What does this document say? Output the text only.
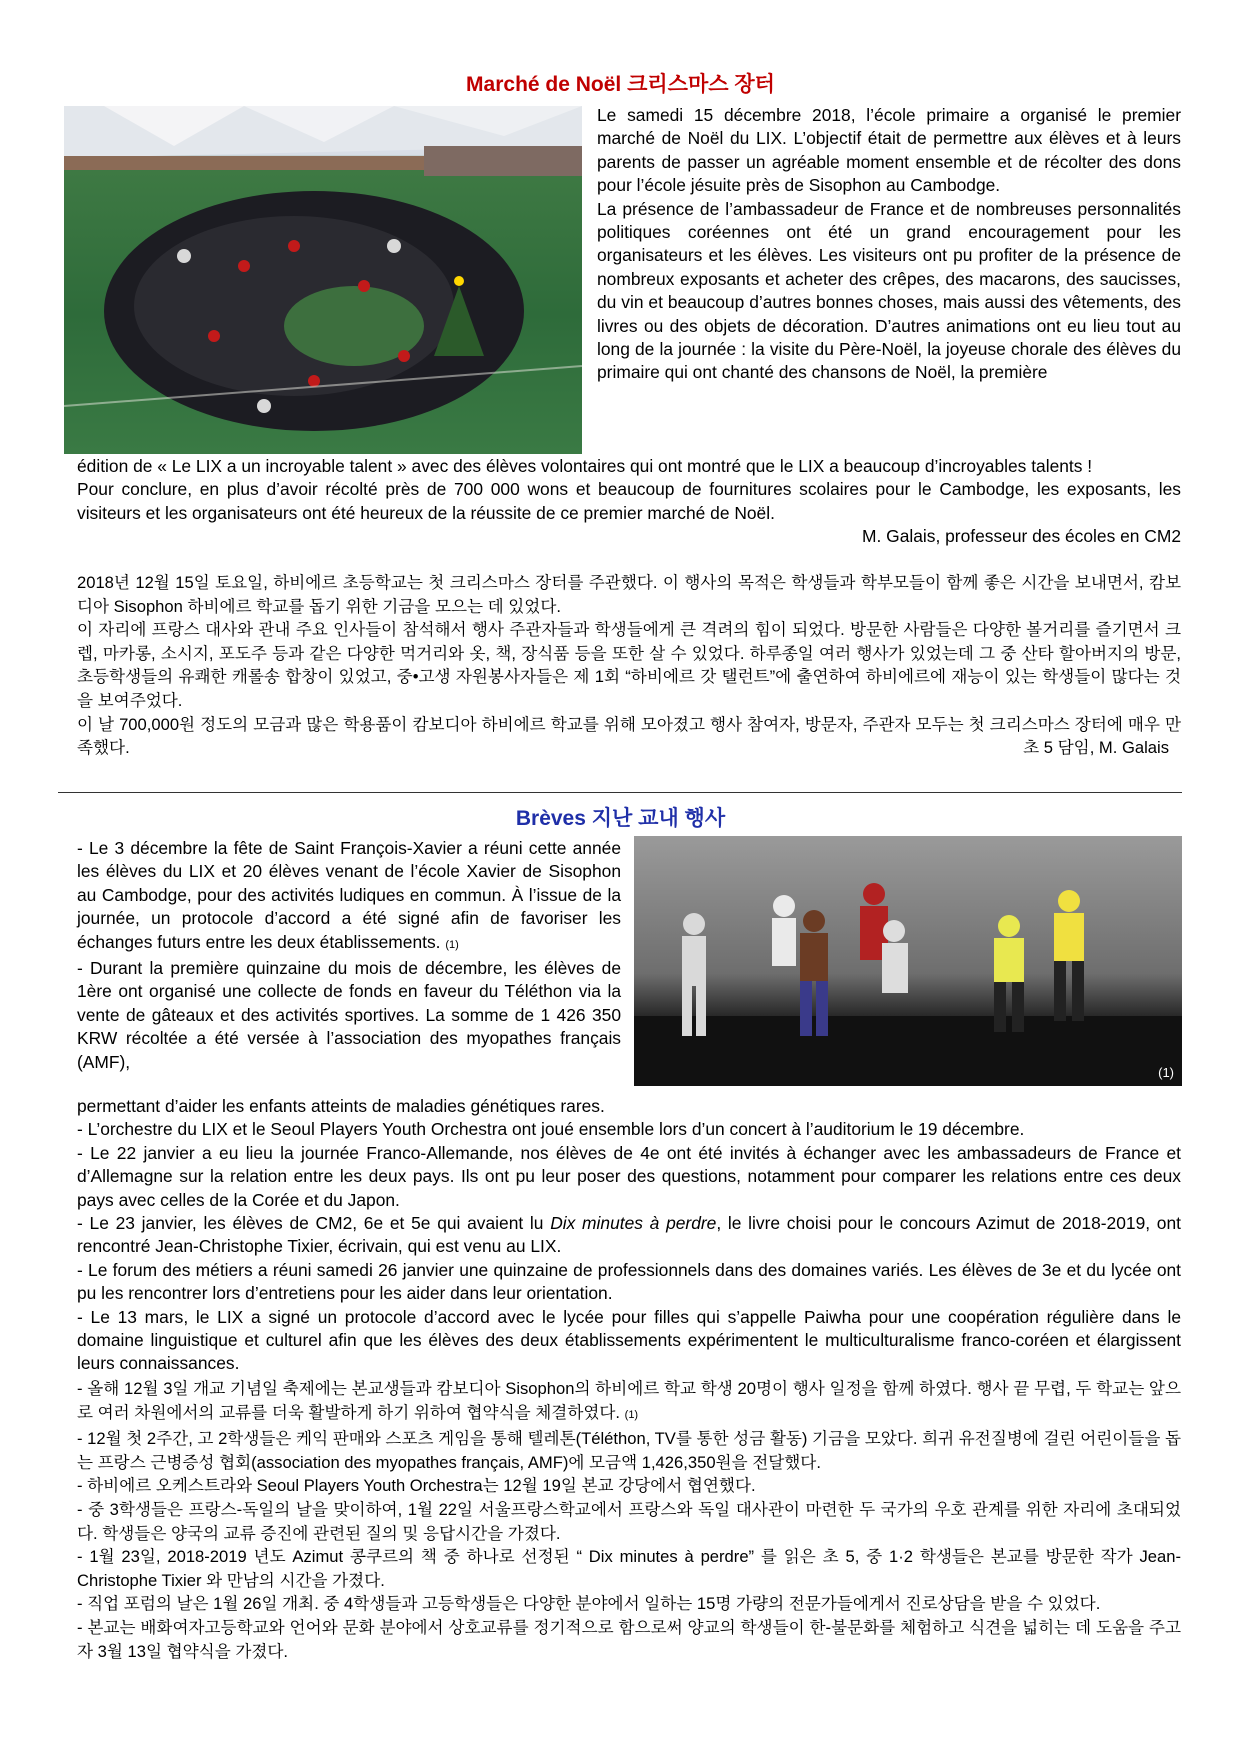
Marché de Noël 크리스마스 장터

Le samedi 15 décembre 2018, l’école primaire a organisé le premier marché de Noël du LIX. L’objectif était de permettre aux élèves et à leurs parents de passer un agréable moment ensemble et de récolter des dons pour l’école jésuite près de Sisophon au Cambodge.

La présence de l’ambassadeur de France et de nombreuses personnalités politiques coréennes ont été un grand encouragement pour les organisateurs et les élèves. Les visiteurs ont pu profiter de la présence de nombreux exposants et acheter des crêpes, des macarons, des saucisses, du vin et beaucoup d’autres bonnes choses, mais aussi des vêtements, des livres ou des objets de décoration. D’autres animations ont eu lieu tout au long de la journée : la visite du Père-Noël, la joyeuse chorale des élèves du primaire qui ont chanté des chansons de Noël, la première

édition de « Le LIX a un incroyable talent » avec des élèves volontaires qui ont montré que le LIX a beaucoup d’incroyables talents !

Pour conclure, en plus d’avoir récolté près de 700 000 wons et beaucoup de fournitures scolaires pour le Cambodge, les exposants, les visiteurs et les organisateurs ont été heureux de la réussite de ce premier marché de Noël.

M. Galais, professeur des écoles en CM2

2018년 12월 15일 토요일, 하비에르 초등학교는 첫 크리스마스 장터를 주관했다. 이 행사의 목적은 학생들과 학부모들이 함께 좋은 시간을 보내면서, 캄보디아 Sisophon 하비에르 학교를 돕기 위한 기금을 모으는 데 있었다.

이 자리에 프랑스 대사와 관내 주요 인사들이 참석해서 행사 주관자들과 학생들에게 큰 격려의 힘이 되었다. 방문한 사람들은 다양한 볼거리를 즐기면서 크렙, 마카롱, 소시지, 포도주 등과 같은 다양한 먹거리와 옷, 책, 장식품 등을 또한 살 수 있었다. 하루종일 여러 행사가 있었는데 그 중 산타 할아버지의 방문, 초등학생들의 유쾌한 캐롤송 합창이 있었고, 중•고생 자원봉사자들은 제 1회 “하비에르 갓 탤런트”에 출연하여 하비에르에 재능이 있는 학생들이 많다는 것을 보여주었다.

이 날 700,000원 정도의 모금과 많은 학용품이 캄보디아 하비에르 학교를 위해 모아졌고 행사 참여자, 방문자, 주관자 모두는 첫 크리스마스 장터에 매우 만족했다.	초 5 담임, M. Galais

Brèves 지난 교내 행사
(1)

- Le 3 décembre la fête de Saint François-Xavier a réuni cette année les élèves du LIX et 20 élèves venant de l’école Xavier de Sisophon au Cambodge, pour des activités ludiques en commun. À l’issue de la journée, un protocole d’accord a été signé afin de favoriser les échanges futurs entre les deux établissements. (1)

- Durant la première quinzaine du mois de décembre, les élèves de 1ère ont organisé une collecte de fonds en faveur du Téléthon via la vente de gâteaux et des activités sportives. La somme de 1 426 350 KRW récoltée a été versée à l’association des myopathes français (AMF),

permettant d’aider les enfants atteints de maladies génétiques rares.

- L’orchestre du LIX et le Seoul Players Youth Orchestra ont joué ensemble lors d’un concert à l’auditorium le 19 décembre.

- Le 22 janvier a eu lieu la journée Franco-Allemande, nos élèves de 4e ont été invités à échanger avec les ambassadeurs de France et d’Allemagne sur la relation entre les deux pays. Ils ont pu leur poser des questions, notamment pour comparer les relations entre ces deux pays avec celles de la Corée et du Japon.

- Le 23 janvier, les élèves de CM2, 6e et 5e qui avaient lu Dix minutes à perdre, le livre choisi pour le concours Azimut de 2018-2019, ont rencontré Jean-Christophe Tixier, écrivain, qui est venu au LIX.

- Le forum des métiers a réuni samedi 26 janvier une quinzaine de professionnels dans des domaines variés. Les élèves de 3e et du lycée ont pu les rencontrer lors d’entretiens pour les aider dans leur orientation.

- Le 13 mars, le LIX a signé un protocole d’accord avec le lycée pour filles qui s’appelle Paiwha pour une coopération régulière dans le domaine linguistique et culturel afin que les élèves des deux établissements expérimentent le multiculturalisme franco-coréen et élargissent leurs connaissances.

- 올해 12월 3일 개교 기념일 축제에는 본교생들과 캄보디아 Sisophon의 하비에르 학교 학생 20명이 행사 일정을 함께 하였다. 행사 끝 무렵, 두 학교는 앞으로 여러 차원에서의 교류를 더욱 활발하게 하기 위하여 협약식을 체결하였다. (1)

- 12월 첫 2주간, 고 2학생들은 케익 판매와 스포츠 게임을 통해 텔레톤(Téléthon, TV를 통한 성금 활동) 기금을 모았다. 희귀 유전질병에 걸린 어린이들을 돕는 프랑스 근병증성 협회(association des myopathes français, AMF)에 모금액 1,426,350원을 전달했다.

- 하비에르 오케스트라와 Seoul Players Youth Orchestra는 12월 19일 본교 강당에서 협연했다.

- 중 3학생들은 프랑스-독일의 날을 맞이하여, 1월 22일 서울프랑스학교에서 프랑스와 독일 대사관이 마련한 두 국가의 우호 관계를 위한 자리에 초대되었다. 학생들은 양국의 교류 증진에 관련된 질의 및 응답시간을 가졌다.

- 1월 23일, 2018-2019 년도 Azimut 콩쿠르의 책 중 하나로 선정된 “ Dix minutes à perdre” 를 읽은 초 5, 중 1·2 학생들은 본교를 방문한 작가 Jean-Christophe Tixier 와 만남의 시간을 가졌다.

- 직업 포럼의 날은 1월 26일 개최. 중 4학생들과 고등학생들은 다양한 분야에서 일하는 15명 가량의 전문가들에게서 진로상담을 받을 수 있었다.

- 본교는 배화여자고등학교와 언어와 문화 분야에서 상호교류를 정기적으로 함으로써 양교의 학생들이 한-불문화를 체험하고 식견을 넓히는 데 도움을 주고자 3월 13일 협약식을 가졌다.
